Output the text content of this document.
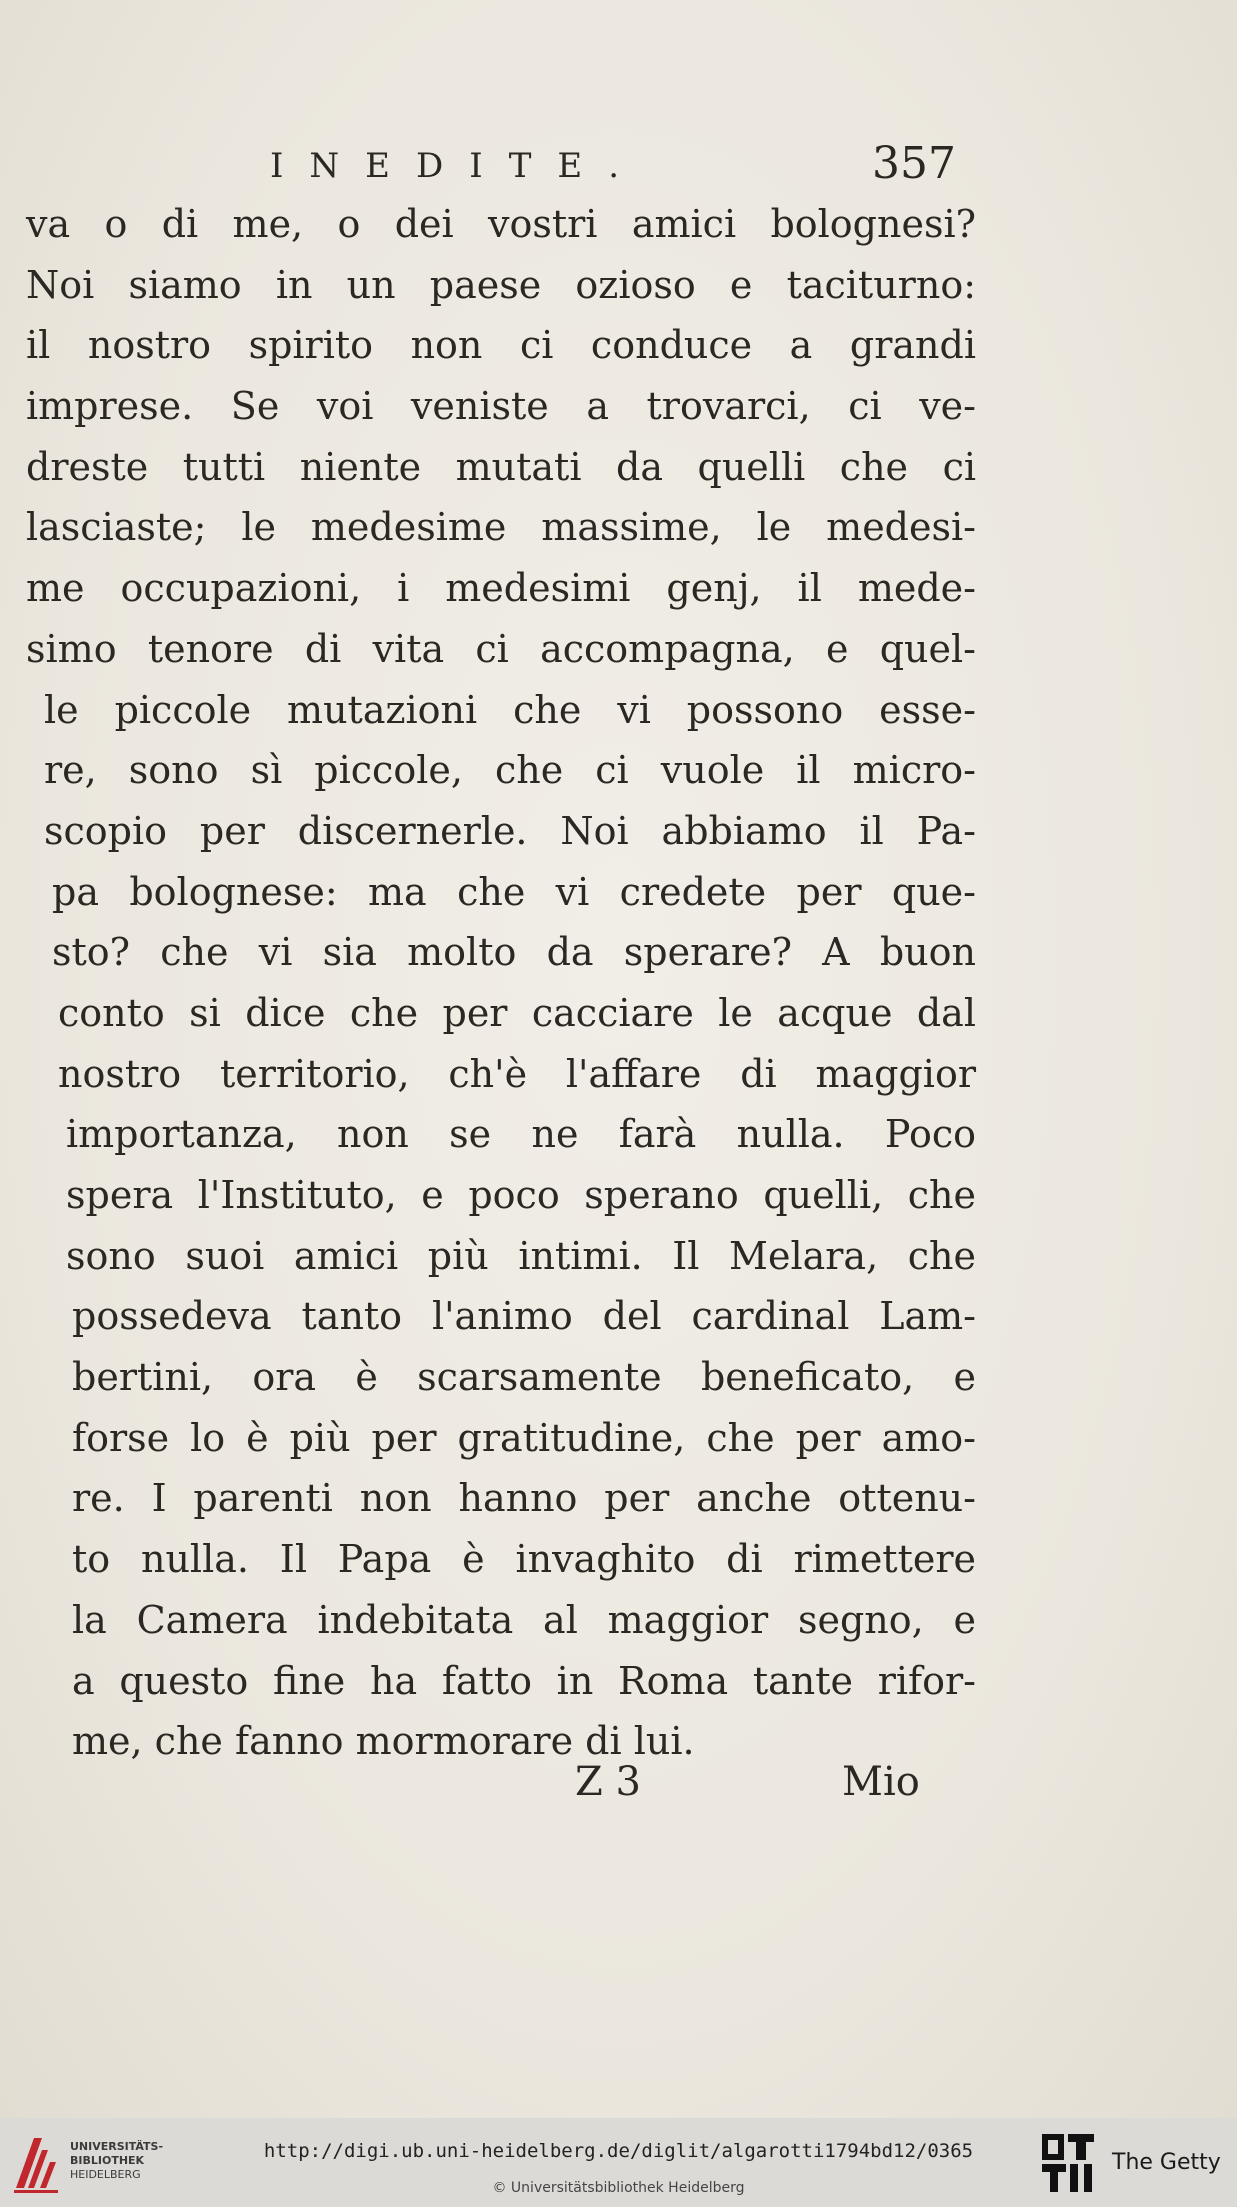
INEDITE.	357
va o di me, o dei vostri amici bolognesi?
Noi siamo in un paese ozioso e taciturno:
il nostro spirito non ci conduce a grandi
imprese. Se voi veniste a trovarci, ci ve-
dreste tutti niente mutati da quelli che ci
lasciaste; le medesime massime, le medesi-
me occupazioni, i medesimi genj, il mede-
simo tenore di vita ci accompagna, e quel-
le piccole mutazioni che vi possono esse-
re, sono sì piccole, che ci vuole il micro-
scopio per discernerle. Noi abbiamo il Pa-
pa bolognese: ma che vi credete per que-
sto? che vi sia molto da sperare? A buon
conto si dice che per cacciare le acque dal
nostro territorio, ch'è l'affare di maggior
importanza, non se ne farà nulla. Poco
spera l'Instituto, e poco sperano quelli, che
sono suoi amici più intimi. Il Melara, che
possedeva tanto l'animo del cardinal Lam-
bertini, ora è scarsamente beneficato, e
forse lo è più per gratitudine, che per amo-
re. I parenti non hanno per anche ottenu-
to nulla. Il Papa è invaghito di rimettere
la Camera indebitata al maggior segno, e
a questo fine ha fatto in Roma tante rifor-
me, che fanno mormorare di lui.
Z 3	Mio
UNIVERSITÄTS-
BIBLIOTHEK
HEIDELBERG
http://digi.ub.uni-heidelberg.de/diglit/algarotti1794bd12/0365
© Universitätsbibliothek Heidelberg
The Getty
